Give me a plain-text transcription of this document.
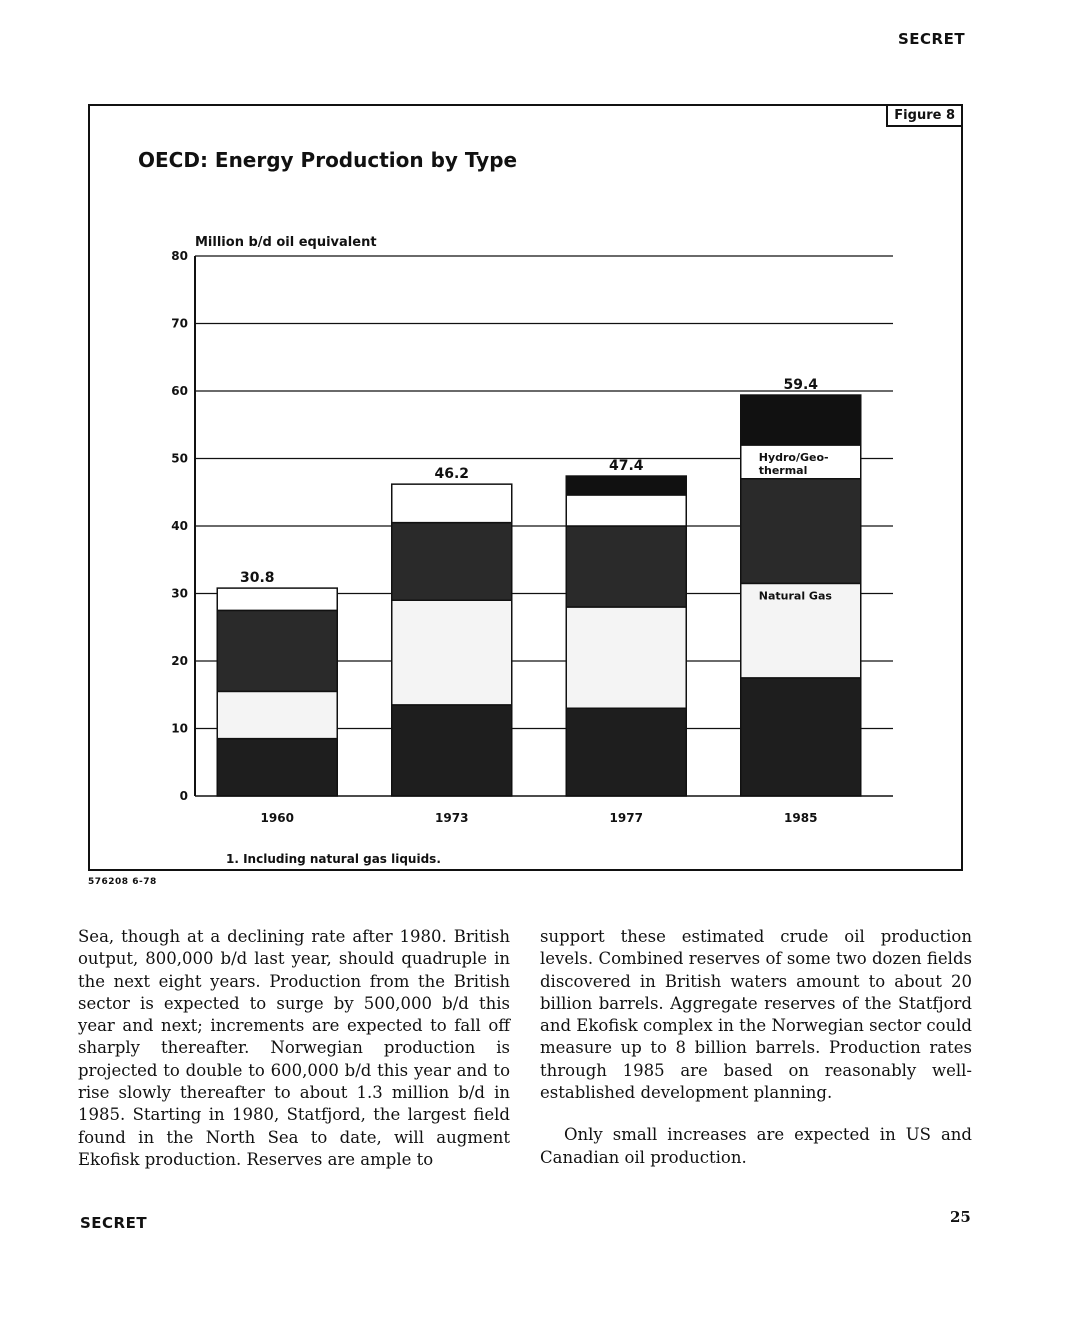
SECRET
Figure 8
OECD: Energy Production by Type
Million b/d oil equivalent
0
10
20
30
40
50
60
70
80
30.8
1960
46.2
1973
47.4
1977
59.4
1985
Hydro/Geo-
thermal
Natural Gas
1. Including natural gas liquids.
576208 6-78

Sea, though at a declining rate after 1980. British output, 800,000 b/d last year, should quadruple in the next eight years. Production from the British sector is expected to surge by 500,000 b/d this year and next; increments are expected to fall off sharply thereafter. Norwegian production is projected to double to 600,000 b/d this year and to rise slowly thereafter to about 1.3 million b/d in 1985. Starting in 1980, Statfjord, the largest field found in the North Sea to date, will augment Ekofisk production. Reserves are ample to

support these estimated crude oil production levels. Combined reserves of some two dozen fields discovered in British waters amount to about 20 billion barrels. Aggregate reserves of the Statfjord and Ekofisk complex in the Norwegian sector could measure up to 8 billion barrels. Production rates through 1985 are based on reasonably well-established development planning.

Only small increases are expected in US and Canadian oil production.

SECRET	25
